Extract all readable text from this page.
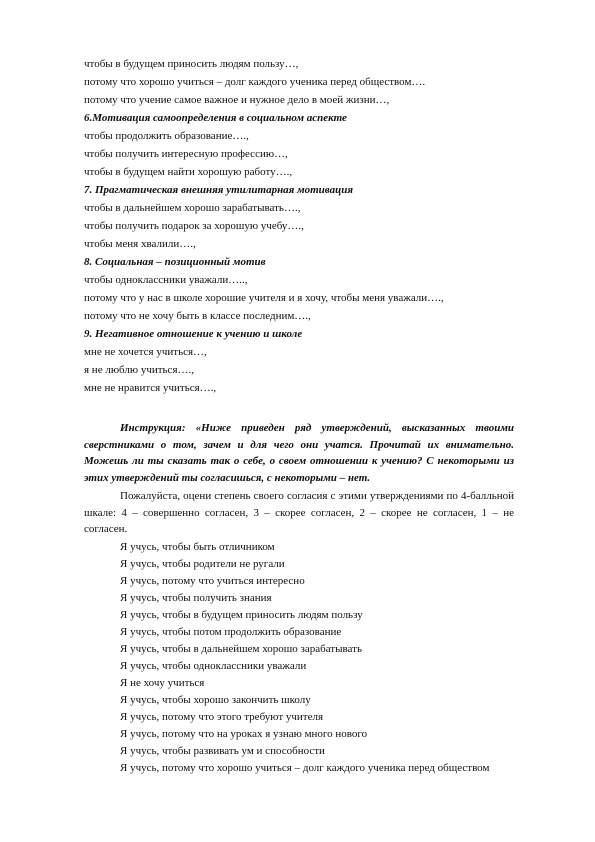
чтобы в будущем приносить людям пользу…,
потому что хорошо учиться – долг каждого ученика перед обществом….
потому что учение самое важное и нужное дело в моей жизни…,
6.Мотивация самоопределения в социальном аспекте
чтобы продолжить образование….,
чтобы получить интересную профессию…,
чтобы в будущем найти хорошую работу….,
7. Прагматическая внешняя утилитарная мотивация
чтобы в дальнейшем хорошо зарабатывать….,
чтобы получить подарок за хорошую учебу….,
чтобы меня хвалили….,
8. Социальная – позиционный мотив
чтобы одноклассники уважали…..,
потому что у нас в школе хорошие учителя и я хочу, чтобы меня уважали….,
потому что не хочу быть в классе последним….,
9. Негативное отношение к учению и школе
мне не хочется учиться…,
я не люблю учиться….,
мне не нравится учиться….,
Инструкция: «Ниже приведен ряд утверждений, высказанных твоими сверстниками о том, зачем и для чего они учатся. Прочитай их внимательно. Можешь ли ты сказать так о себе, о своем отношении к учению? С некоторыми из этих утверждений ты согласишься, с некоторыми – нет.
Пожалуйста, оцени степень своего согласия с этими утверждениями по 4-балльной шкале: 4 – совершенно согласен, 3 – скорее согласен, 2 – скорее не согласен, 1 – не согласен.
Я учусь, чтобы быть отличником
Я учусь, чтобы родители не ругали
Я учусь, потому что учиться интересно
Я учусь, чтобы получить знания
Я учусь, чтобы в будущем приносить людям пользу
Я учусь, чтобы потом продолжить образование
Я учусь, чтобы в дальнейшем хорошо зарабатывать
Я учусь, чтобы одноклассники уважали
Я не хочу учиться
Я учусь, чтобы хорошо закончить школу
Я учусь, потому что этого требуют учителя
Я учусь, потому что на уроках я узнаю много нового
Я учусь, чтобы развивать ум и способности
Я учусь, потому что хорошо учиться – долг каждого ученика перед обществом
